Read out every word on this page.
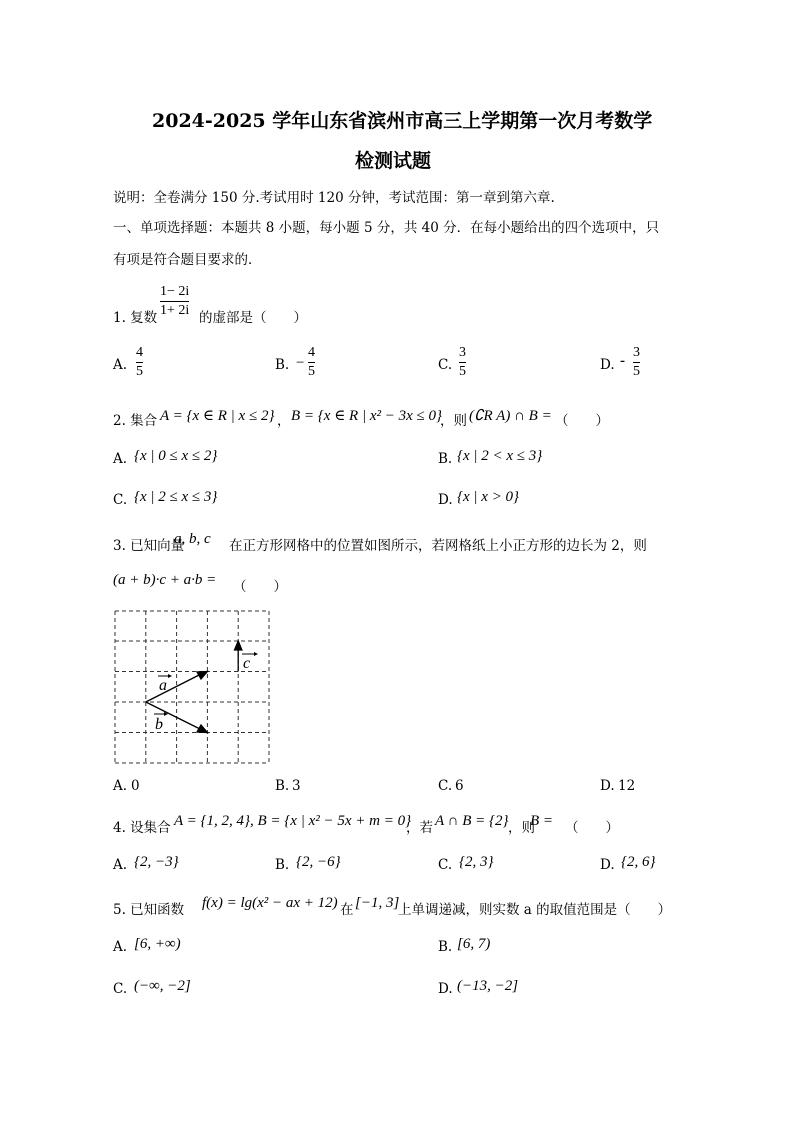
2024-2025 学年山东省滨州市高三上学期第一次月考数学
检测试题
说明：全卷满分 150 分.考试用时 120 分钟，考试范围：第一章到第六章.
一、单项选择题：本题共 8 小题，每小题 5 分，共 40 分．在每小题给出的四个选项中，只
有项是符合题目要求的．
1. 复数
1− 2i
1+ 2i 的虚部是（　　）
A.
4
5	B. −
4
5	C.
3
5	D. -
3
5
2. 集合 A = {x ∈ R | x ≤ 2} ， B = {x ∈ R | x² − 3x ≤ 0}
，则 (∁R A) ∩ B = （　　）
A. {x | 0 ≤ x ≤ 2}	B. {x | 2 < x ≤ 3}
C. {x | 2 ≤ x ≤ 3}	D. {x | x > 0}
3. 已知向量
a, b, c 在正方形网格中的位置如图所示，若网格纸上小正方形的边长为 2，则
(a + b)·c + a·b = （　　）
a
b
c
A. 0	B. 3	C. 6	D. 12
4. 设集合 A = {1, 2, 4}, B = {x | x² − 5x + m = 0}
，若 A ∩ B = {2} ，则
B = （　　）
A. {2, −3}	B. {2, −6}	C. {2, 3}	D. {2, 6}
5. 已知函数 f(x) = lg(x² − ax + 12) 在 [−1, 3]
上单调递减，则实数 a 的取值范围是（　　）
A. [6, +∞)	B. [6, 7)
C. (−∞, −2]	D. (−13, −2]
